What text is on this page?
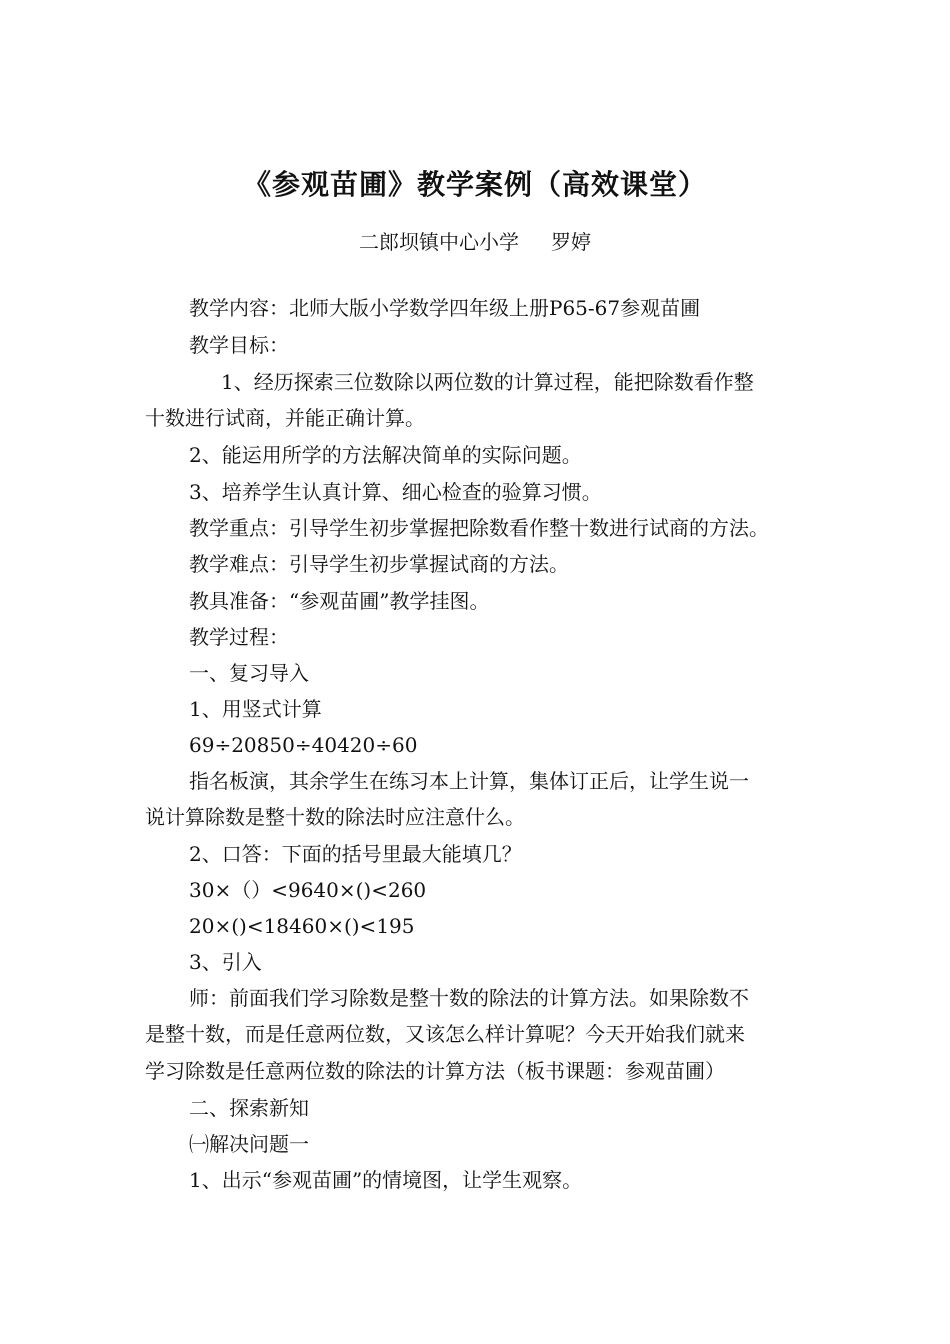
《参观苗圃》教学案例（高效课堂）
二郎坝镇中心小学 罗婷
教学内容：北师大版小学数学四年级上册P65-67参观苗圃
教学目标：
1、经历探索三位数除以两位数的计算过程，能把除数看作整
十数进行试商，并能正确计算。
2、能运用所学的方法解决简单的实际问题。
3、培养学生认真计算、细心检查的验算习惯。
教学重点：引导学生初步掌握把除数看作整十数进行试商的方法。
教学难点：引导学生初步掌握试商的方法。
教具准备：“参观苗圃”教学挂图。
教学过程：
一、复习导入
1、用竖式计算
69÷20850÷40420÷60
指名板演，其余学生在练习本上计算，集体订正后，让学生说一
说计算除数是整十数的除法时应注意什么。
2、口答：下面的括号里最大能填几？
30×（）<9640×()<260
20×()<18460×()<195
3、引入
师：前面我们学习除数是整十数的除法的计算方法。如果除数不
是整十数，而是任意两位数，又该怎么样计算呢？今天开始我们就来
学习除数是任意两位数的除法的计算方法（板书课题：参观苗圃）
二、探索新知
㈠解决问题一
1、出示“参观苗圃”的情境图，让学生观察。
